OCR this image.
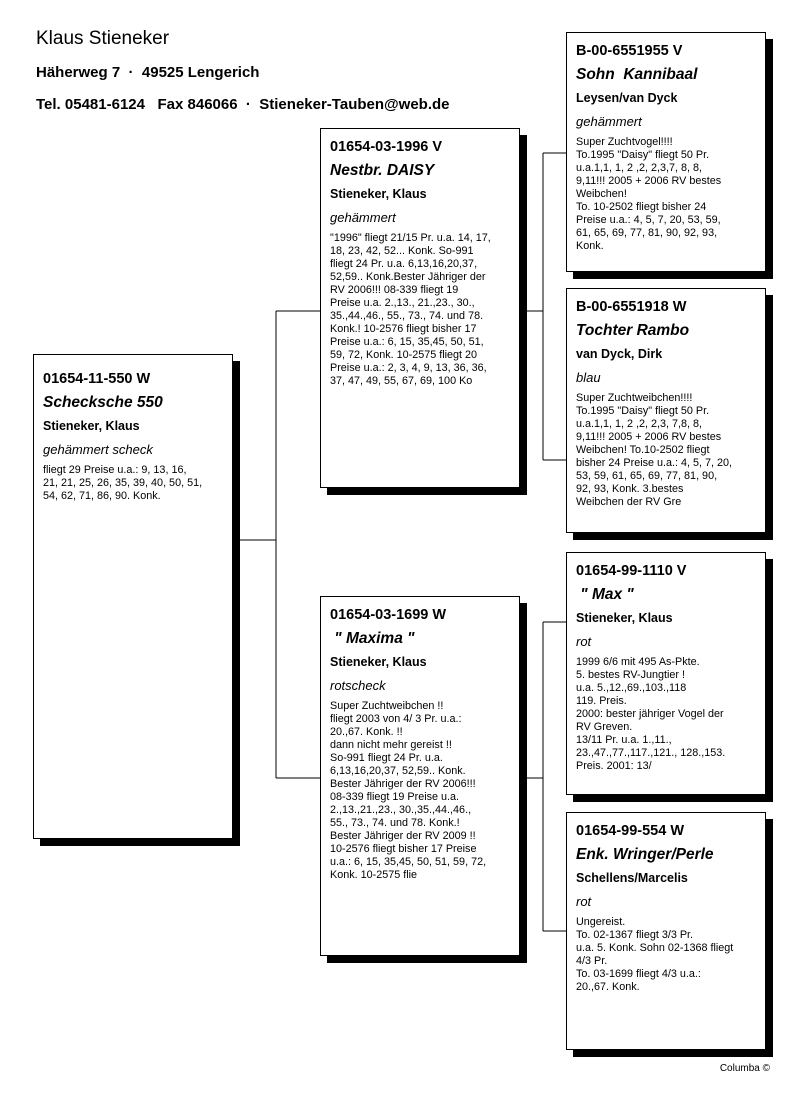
Klaus Stieneker
Häherweg 7 · 49525 Lengerich
Tel. 05481-6124 Fax 846066 · Stieneker-Tauben@web.de
01654-11-550 W
Schecksche 550
Stieneker, Klaus
gehämmert scheck
fliegt 29 Preise u.a.: 9, 13, 16,
21, 21, 25, 26, 35, 39, 40, 50, 51,
54, 62, 71, 86, 90. Konk.
01654-03-1996 V
Nestbr. DAISY
Stieneker, Klaus
gehämmert
"1996" fliegt 21/15 Pr. u.a. 14, 17,
18, 23, 42, 52... Konk. So-991
fliegt 24 Pr. u.a. 6,13,16,20,37,
52,59.. Konk.Bester Jähriger der
RV 2006!!! 08-339 fliegt 19
Preise u.a. 2.,13., 21.,23., 30.,
35.,44.,46., 55., 73., 74. und 78.
Konk.! 10-2576 fliegt bisher 17
Preise u.a.: 6, 15, 35,45, 50, 51,
59, 72, Konk. 10-2575 fliegt 20
Preise u.a.: 2, 3, 4, 9, 13, 36, 36,
37, 47, 49, 55, 67, 69, 100 Ko
01654-03-1699 W
" Maxima "
Stieneker, Klaus
rotscheck
Super Zuchtweibchen !!
fliegt 2003 von 4/ 3 Pr. u.a.:
20.,67. Konk. !!
dann nicht mehr gereist !!
So-991 fliegt 24 Pr. u.a.
6,13,16,20,37, 52,59.. Konk.
Bester Jähriger der RV 2006!!!
08-339 fliegt 19 Preise u.a.
2.,13.,21.,23., 30.,35.,44.,46.,
55., 73., 74. und 78. Konk.!
Bester Jähriger der RV 2009 !!
10-2576 fliegt bisher 17 Preise
u.a.: 6, 15, 35,45, 50, 51, 59, 72,
Konk. 10-2575 flie
B-00-6551955 V
Sohn  Kannibaal
Leysen/van Dyck
gehämmert
Super Zuchtvogel!!!!
To.1995 "Daisy" fliegt 50 Pr.
u.a.1,1, 1, 2 ,2, 2,3,7, 8, 8,
9,11!!! 2005 + 2006 RV bestes
Weibchen!
To. 10-2502 fliegt bisher 24
Preise u.a.: 4, 5, 7, 20, 53, 59,
61, 65, 69, 77, 81, 90, 92, 93,
Konk.
B-00-6551918 W
Tochter Rambo
van Dyck, Dirk
blau
Super Zuchtweibchen!!!!
To.1995 "Daisy" fliegt 50 Pr.
u.a.1,1, 1, 2 ,2, 2,3, 7,8, 8,
9,11!!! 2005 + 2006 RV bestes
Weibchen! To.10-2502 fliegt
bisher 24 Preise u.a.: 4, 5, 7, 20,
53, 59, 61, 65, 69, 77, 81, 90,
92, 93, Konk. 3.bestes
Weibchen der RV Gre
01654-99-1110 V
" Max "
Stieneker, Klaus
rot
1999 6/6 mit 495 As-Pkte.
5. bestes RV-Jungtier !
u.a. 5.,12.,69.,103.,118
119. Preis.
2000: bester jähriger Vogel der
RV Greven.
13/11 Pr. u.a. 1.,11.,
23.,47.,77.,117.,121., 128.,153.
Preis. 2001: 13/
01654-99-554 W
Enk. Wringer/Perle
Schellens/Marcelis
rot
Ungereist.
To. 02-1367 fliegt 3/3 Pr.
u.a. 5. Konk. Sohn 02-1368 fliegt
4/3 Pr.
To. 03-1699 fliegt 4/3 u.a.:
20.,67. Konk.
Columba ©
